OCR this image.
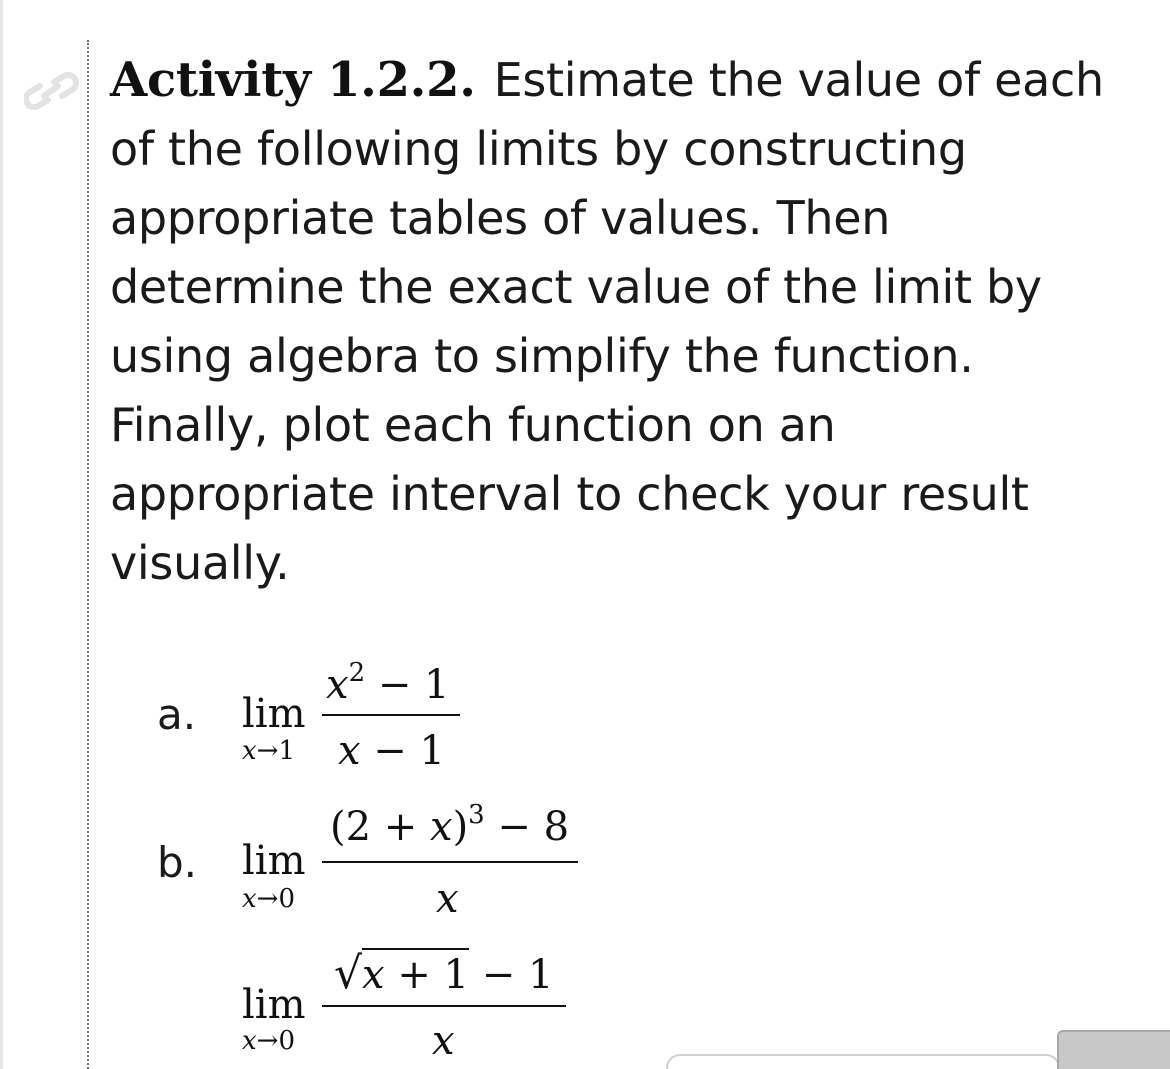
Activity 1.2.2. Estimate the value of each of the following limits by constructing appropriate tables of values. Then determine the exact value of the limit by using algebra to simplify the function. Finally, plot each function on an appropriate interval to check your result visually.

a. lim
x→1
$x^2 - 1$
x − 1
b. lim
x→0
$(2 + x)^3 - 8$
x
lim
x→0
√x + 1 − 1
x
